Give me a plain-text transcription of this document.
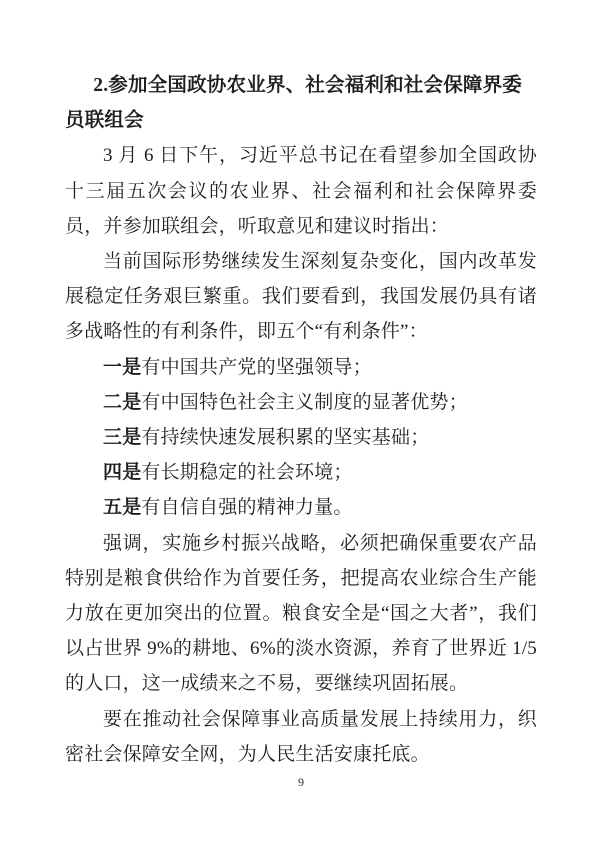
2.参加全国政协农业界、社会福利和社会保障界委员联组会

3 月 6 日下午，习近平总书记在看望参加全国政协十三届五次会议的农业界、社会福利和社会保障界委员，并参加联组会，听取意见和建议时指出：

当前国际形势继续发生深刻复杂变化，国内改革发展稳定任务艰巨繁重。我们要看到，我国发展仍具有诸多战略性的有利条件，即五个“有利条件”：

一是有中国共产党的坚强领导；

二是有中国特色社会主义制度的显著优势；

三是有持续快速发展积累的坚实基础；

四是有长期稳定的社会环境；

五是有自信自强的精神力量。

强调，实施乡村振兴战略，必须把确保重要农产品特别是粮食供给作为首要任务，把提高农业综合生产能力放在更加突出的位置。粮食安全是“国之大者”，我们以占世界 9%的耕地、6%的淡水资源，养育了世界近 1/5 的人口，这一成绩来之不易，要继续巩固拓展。

要在推动社会保障事业高质量发展上持续用力，织密社会保障安全网，为人民生活安康托底。

9
